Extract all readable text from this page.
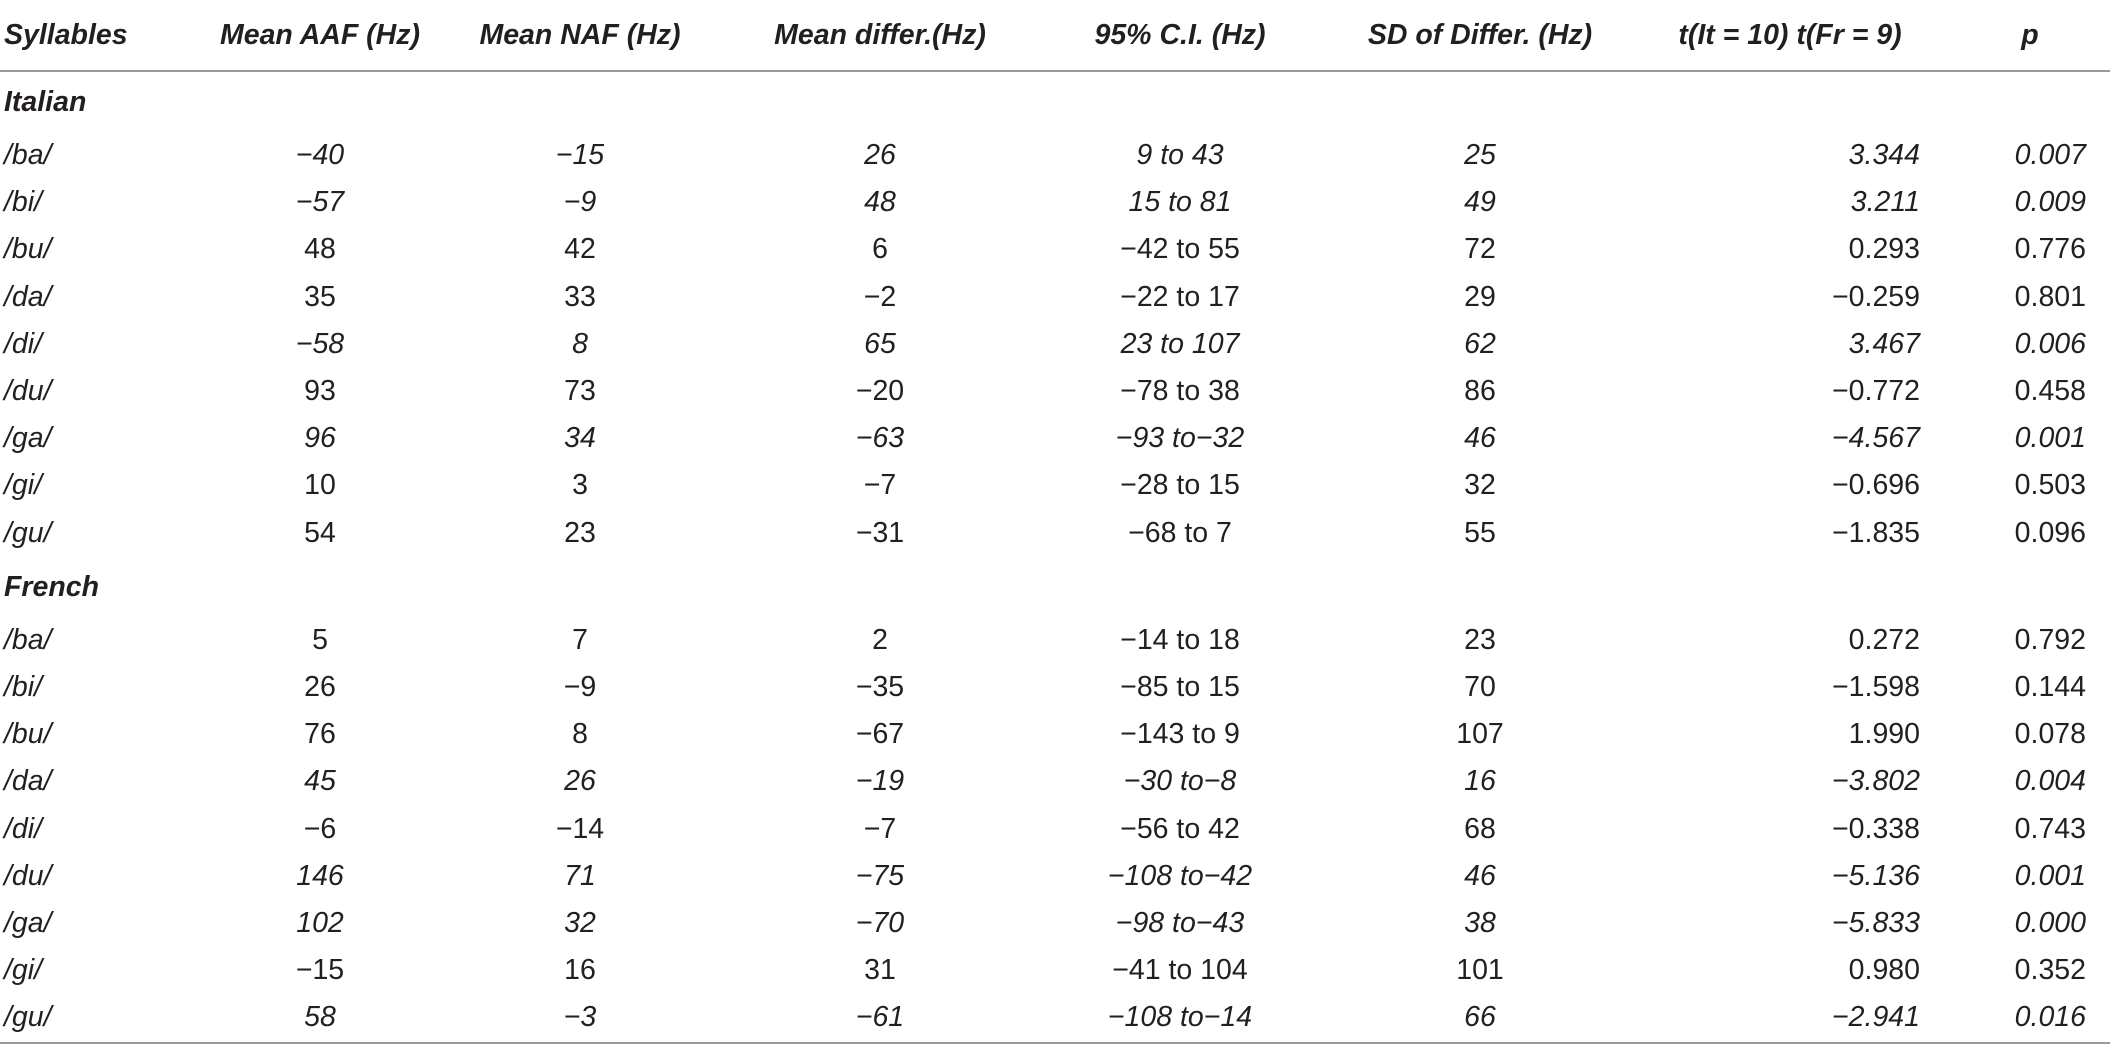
Syllables	Mean AAF (Hz)	Mean NAF (Hz)	Mean differ.(Hz)	95% C.I. (Hz)	SD of Differ. (Hz)	t(It = 10) t(Fr = 9)	p
Italian							
/ba/	−40	−15	26	9 to 43	25	3.344	0.007
/bi/	−57	−9	48	15 to 81	49	3.211	0.009
/bu/	48	42	6	−42 to 55	72	0.293	0.776
/da/	35	33	−2	−22 to 17	29	−0.259	0.801
/di/	−58	8	65	23 to 107	62	3.467	0.006
/du/	93	73	−20	−78 to 38	86	−0.772	0.458
/ga/	96	34	−63	−93 to−32	46	−4.567	0.001
/gi/	10	3	−7	−28 to 15	32	−0.696	0.503
/gu/	54	23	−31	−68 to 7	55	−1.835	0.096
French							
/ba/	5	7	2	−14 to 18	23	0.272	0.792
/bi/	26	−9	−35	−85 to 15	70	−1.598	0.144
/bu/	76	8	−67	−143 to 9	107	1.990	0.078
/da/	45	26	−19	−30 to−8	16	−3.802	0.004
/di/	−6	−14	−7	−56 to 42	68	−0.338	0.743
/du/	146	71	−75	−108 to−42	46	−5.136	0.001
/ga/	102	32	−70	−98 to−43	38	−5.833	0.000
/gi/	−15	16	31	−41 to 104	101	0.980	0.352
/gu/	58	−3	−61	−108 to−14	66	−2.941	0.016
